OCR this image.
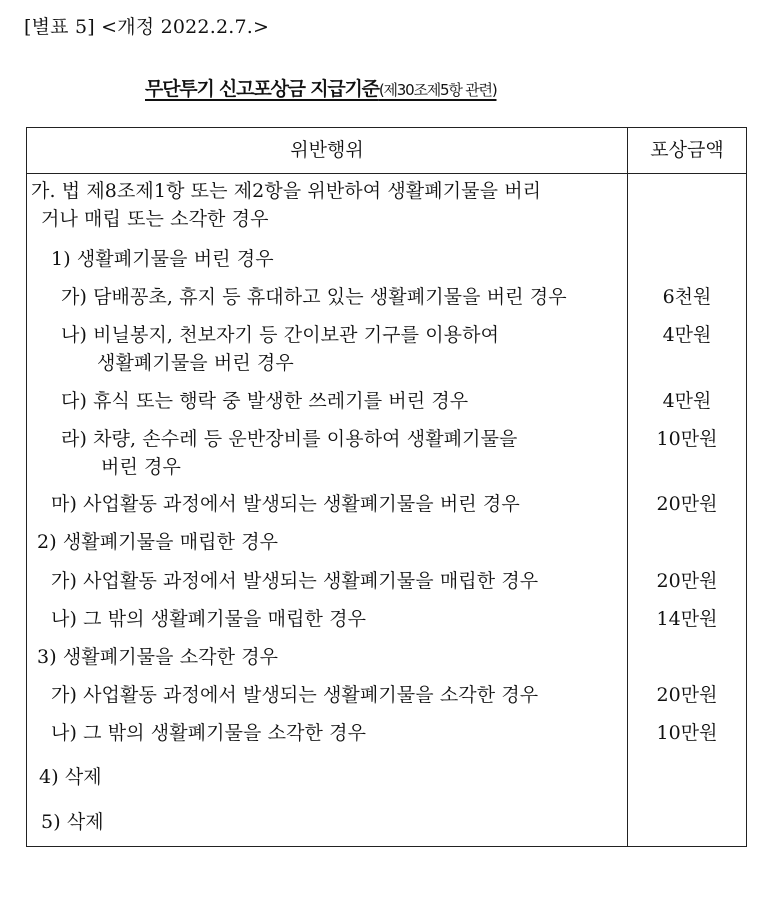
[별표 5] <개정 2022.2.7.>
무단투기 신고포상금 지급기준(제30조제5항 관련)
위반행위	포상금액
가. 법 제8조제1항 또는 제2항을 위반하여 생활폐기물을 버리
거나 매립 또는 소각한 경우
1) 생활폐기물을 버린 경우
가) 담배꽁초, 휴지 등 휴대하고 있는 생활폐기물을 버린 경우	6천원
나) 비닐봉지, 천보자기 등 간이보관 기구를 이용하여	4만원
생활폐기물을 버린 경우
다) 휴식 또는 행락 중 발생한 쓰레기를 버린 경우	4만원
라) 차량, 손수레 등 운반장비를 이용하여 생활폐기물을	10만원
버린 경우
마) 사업활동 과정에서 발생되는 생활폐기물을 버린 경우	20만원
2) 생활폐기물을 매립한 경우
가) 사업활동 과정에서 발생되는 생활폐기물을 매립한 경우	20만원
나) 그 밖의 생활폐기물을 매립한 경우	14만원
3) 생활폐기물을 소각한 경우
가) 사업활동 과정에서 발생되는 생활폐기물을 소각한 경우	20만원
나) 그 밖의 생활폐기물을 소각한 경우	10만원
4) 삭제
5) 삭제
